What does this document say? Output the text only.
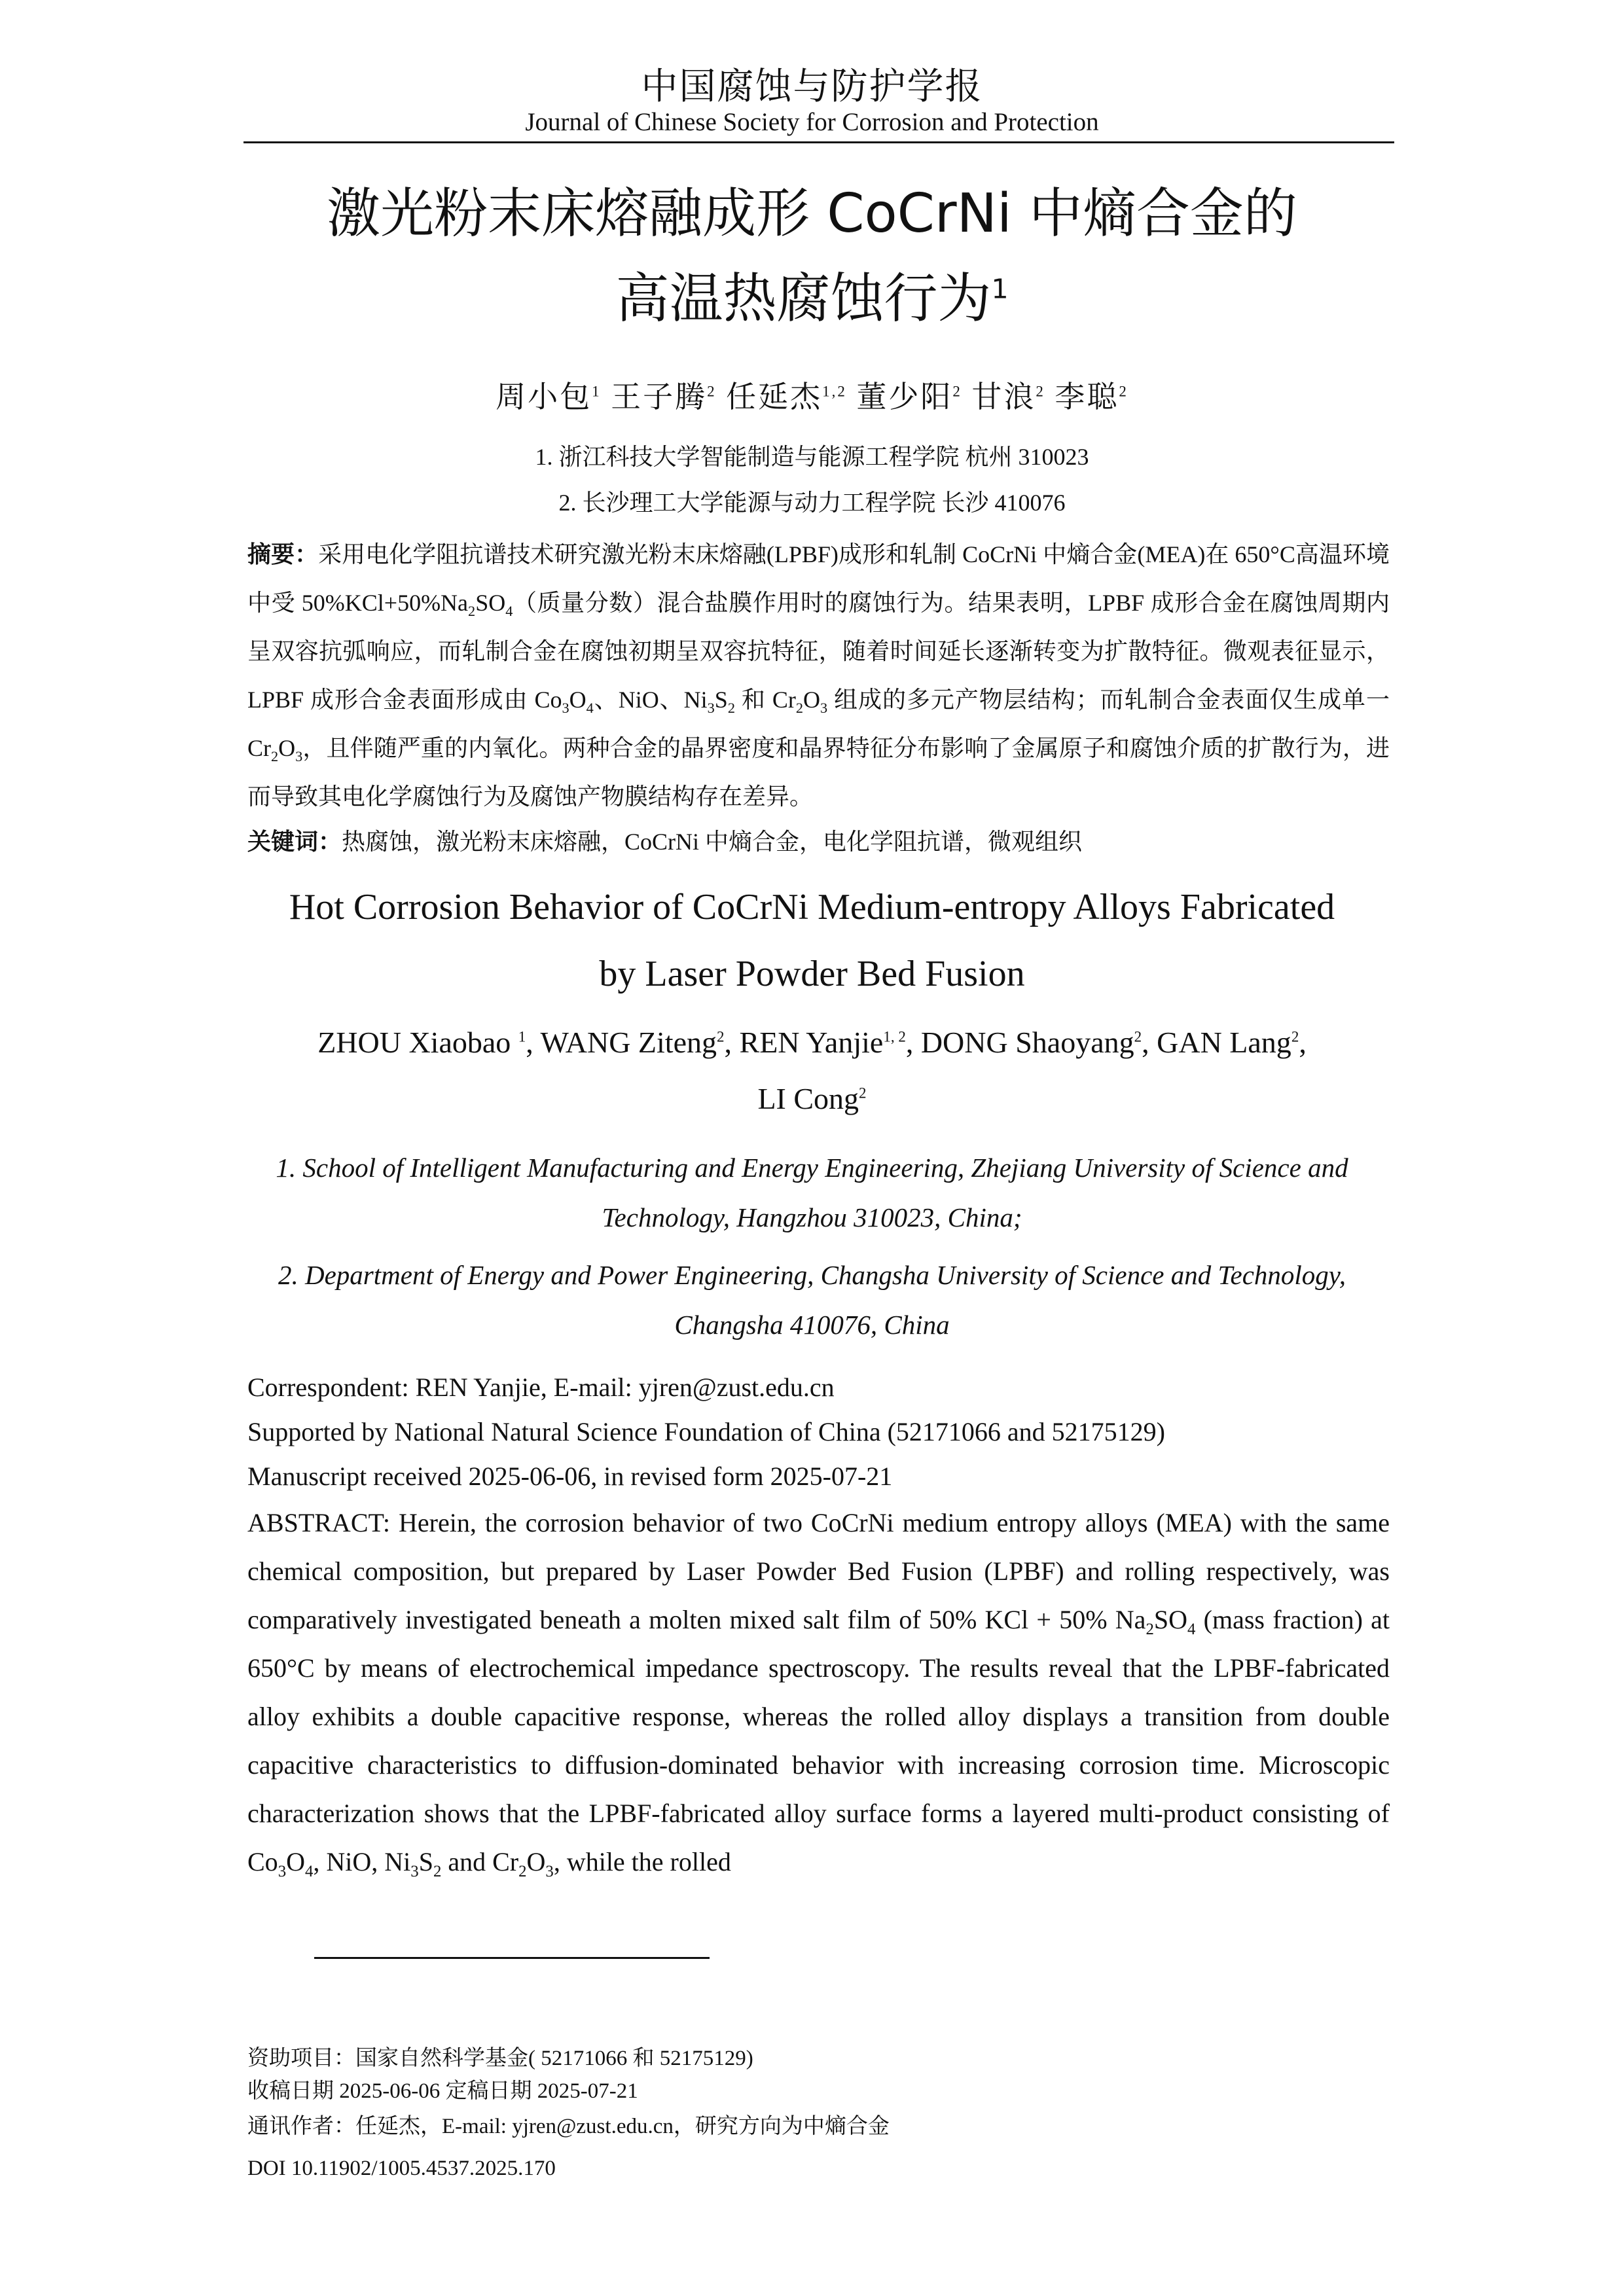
中国腐蚀与防护学报
Journal of Chinese Society for Corrosion and Protection
激光粉末床熔融成形 CoCrNi 中熵合金的
高温热腐蚀行为$^1$
周小包$^1$ 王子腾$^2$ 任延杰$^{1,2}$ 董少阳$^2$ 甘浪$^2$ 李聪$^2$
1. 浙江科技大学智能制造与能源工程学院 杭州 310023
2. 长沙理工大学能源与动力工程学院 长沙 410076
摘要：采用电化学阻抗谱技术研究激光粉末床熔融(LPBF)成形和轧制 CoCrNi 中熵合金(MEA)在 650°C高温环境中受 $50\%KCl+50\%Na_2SO_4$（质量分数）混合盐膜作用时的腐蚀行为。结果表明，LPBF 成形合金在腐蚀周期内呈双容抗弧响应，而轧制合金在腐蚀初期呈双容抗特征，随着时间延长逐渐转变为扩散特征。微观表征显示，LPBF 成形合金表面形成由 $Co_3O_4$、NiO、$Ni_3S_2$ 和 $Cr_2O_3$ 组成的多元产物层结构；而轧制合金表面仅生成单一 $Cr_2O_3$，且伴随严重的内氧化。两种合金的晶界密度和晶界特征分布影响了金属原子和腐蚀介质的扩散行为，进而导致其电化学腐蚀行为及腐蚀产物膜结构存在差异。
关键词：热腐蚀，激光粉末床熔融，CoCrNi 中熵合金，电化学阻抗谱，微观组织
Hot Corrosion Behavior of CoCrNi Medium-entropy Alloys Fabricated
by Laser Powder Bed Fusion
ZHOU Xiaobao $^1$, WANG Ziteng$^2$, REN Yanjie$^{1, 2}$, DONG Shaoyang$^2$, GAN Lang$^2$,
LI Cong$^2$
1. School of Intelligent Manufacturing and Energy Engineering, Zhejiang University of Science and Technology, Hangzhou 310023, China;
2. Department of Energy and Power Engineering, Changsha University of Science and Technology, Changsha 410076, China
Correspondent: REN Yanjie, E-mail: yjren@zust.edu.cn
Supported by National Natural Science Foundation of China (52171066 and 52175129)
Manuscript received 2025-06-06, in revised form 2025-07-21
ABSTRACT: Herein, the corrosion behavior of two CoCrNi medium entropy alloys (MEA) with the same chemical composition, but prepared by Laser Powder Bed Fusion (LPBF) and rolling respectively, was comparatively investigated beneath a molten mixed salt film of 50% KCl + 50% $Na_2SO_4$ (mass fraction) at 650°C by means of electrochemical impedance spectroscopy. The results reveal that the LPBF-fabricated alloy exhibits a double capacitive response, whereas the rolled alloy displays a transition from double capacitive characteristics to diffusion-dominated behavior with increasing corrosion time. Microscopic characterization shows that the LPBF-fabricated alloy surface forms a layered multi-product consisting of $Co_3O_4$, NiO, $Ni_3S_2$ and $Cr_2O_3$, while the rolled
资助项目：国家自然科学基金( 52171066 和 52175129)
收稿日期 2025-06-06 定稿日期 2025-07-21
通讯作者：任延杰，E-mail: yjren@zust.edu.cn，研究方向为中熵合金
DOI 10.11902/1005.4537.2025.170
